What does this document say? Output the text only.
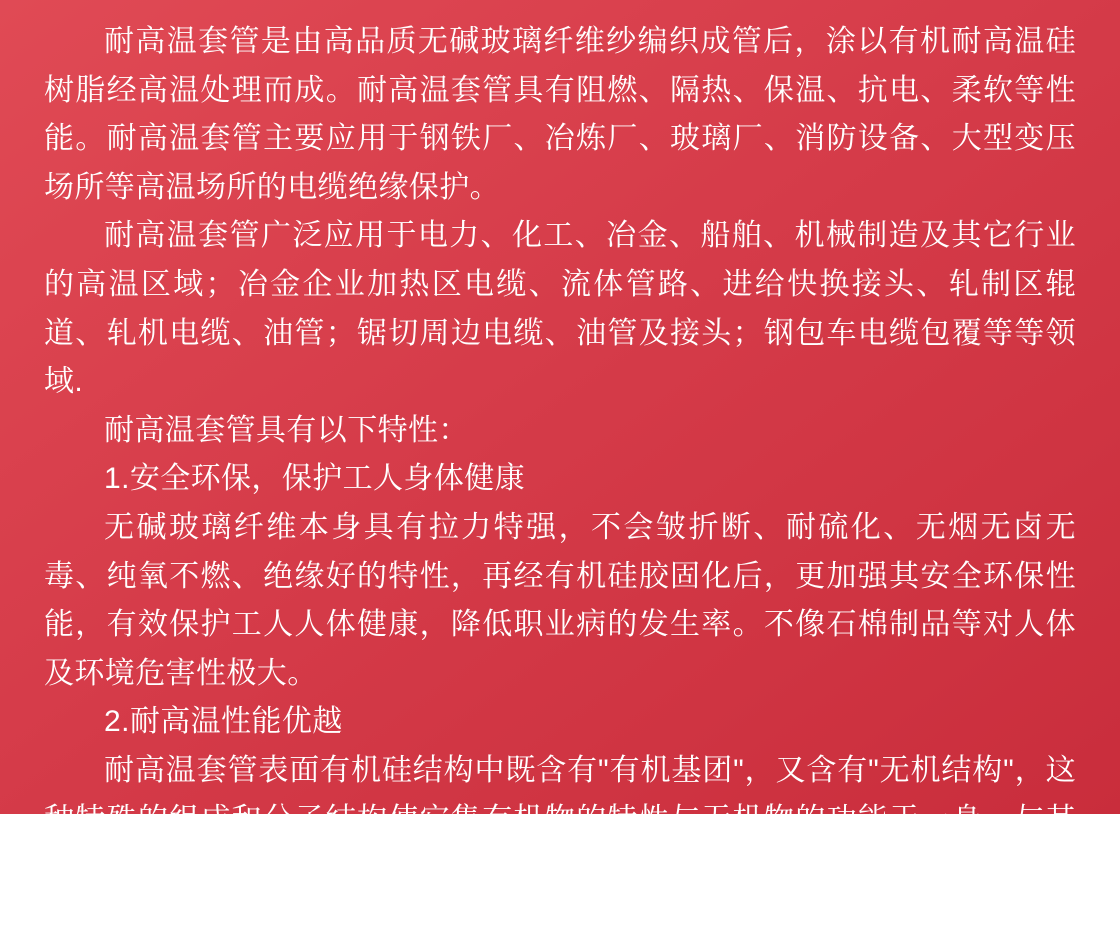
耐高温套管是由高品质无碱玻璃纤维纱编织成管后，涂以有机耐高温硅树脂经高温处理而成。耐高温套管具有阻燃、隔热、保温、抗电、柔软等性能。耐高温套管主要应用于钢铁厂、冶炼厂、玻璃厂、消防设备、大型变压场所等高温场所的电缆绝缘保护。

耐高温套管广泛应用于电力、化工、冶金、船舶、机械制造及其它行业的高温区域；冶金企业加热区电缆、流体管路、进给快换接头、轧制区辊道、轧机电缆、油管；锯切周边电缆、油管及接头；钢包车电缆包覆等等领域.

耐高温套管具有以下特性：

1.安全环保，保护工人身体健康

无碱玻璃纤维本身具有拉力特强，不会皱折断、耐硫化、无烟无卤无毒、纯氧不燃、绝缘好的特性，再经有机硅胶固化后，更加强其安全环保性能，有效保护工人人体健康，降低职业病的发生率。不像石棉制品等对人体及环境危害性极大。

2.耐高温性能优越

耐高温套管表面有机硅结构中既含有"有机基团"，又含有"无机结构"，这种特殊的组成和分子结构使它集有机物的特性与无机物的功能于一身。与其他高分子材料相比，其突出就是耐高温性能。以硅－氧（Si－O）键为主链结构，C－C键的键
